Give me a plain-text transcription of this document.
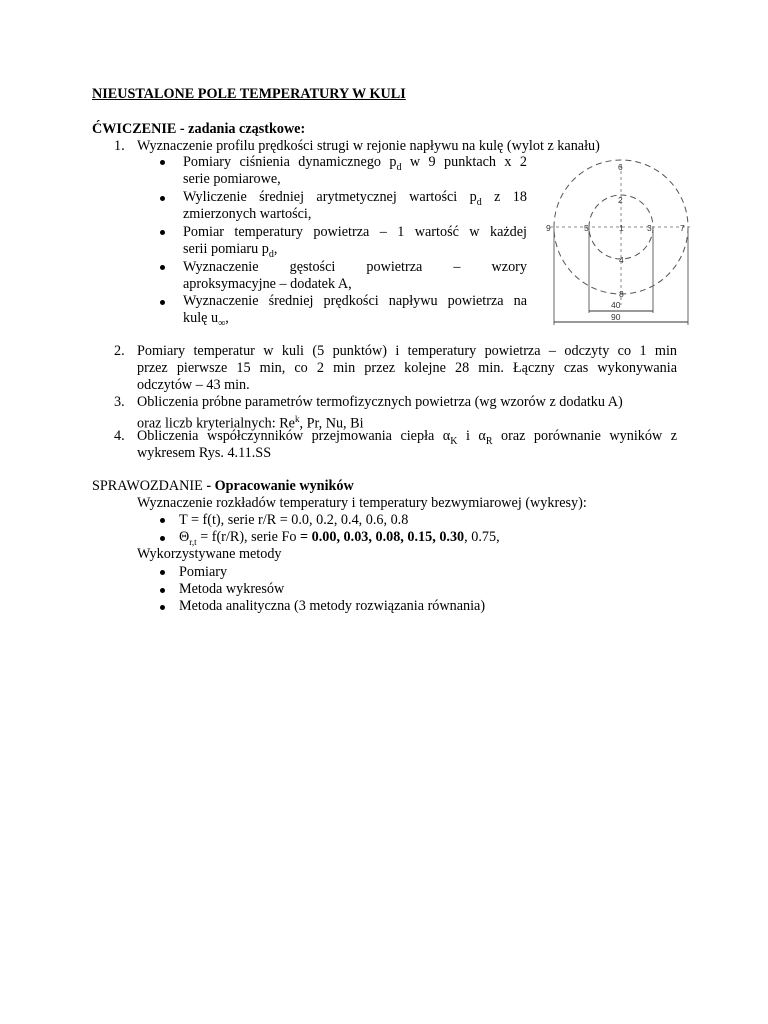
NIEUSTALONE POLE TEMPERATURY W KULI
ĆWICZENIE - zadania cząstkowe:
1. Wyznaczenie profilu prędkości strugi w rejonie napływu na kulę (wylot z kanału)
Pomiary ciśnienia dynamicznego $p_d$ w 9 punktach x 2
serie pomiarowe,
Wyliczenie średniej arytmetycznej wartości $p_d$ z 18
zmierzonych wartości,
Pomiar temperatury powietrza – 1 wartość w każdej
serii pomiaru $p_d$,
Wyznaczenie gęstości powietrza – wzory
aproksymacyjne – dodatek A,
Wyznaczenie średniej prędkości napływu powietrza na
kulę $u_\infty$,
6
2
1	3
5
4
8
9	7
40
90
2. Pomiary temperatur w kuli (5 punktów) i temperatury powietrza – odczyty co 1 min
przez pierwsze 15 min, co 2 min przez kolejne 28 min. Łączny czas wykonywania
odczytów – 43 min.
3. Obliczenia próbne parametrów termofizycznych powietrza (wg wzorów z dodatku A)
oraz liczb kryterialnych: Re$^k$, Pr, Nu, Bi
4. Obliczenia współczynników przejmowania ciepła $\alpha_K$ i $\alpha_R$ oraz porównanie wyników z
wykresem Rys. 4.11.SS
SPRAWOZDANIE - Opracowanie wyników
Wyznaczenie rozkładów temperatury i temperatury bezwymiarowej (wykresy):
T = f(t), serie r/R = 0.0, 0.2, 0.4, 0.6, 0.8
$\Theta_{r,t} = f(r/R)$, serie Fo = 0.00, 0.03, 0.08, 0.15, 0.30, 0.75,
Wykorzystywane metody
Pomiary
Metoda wykresów
Metoda analityczna (3 metody rozwiązania równania)
